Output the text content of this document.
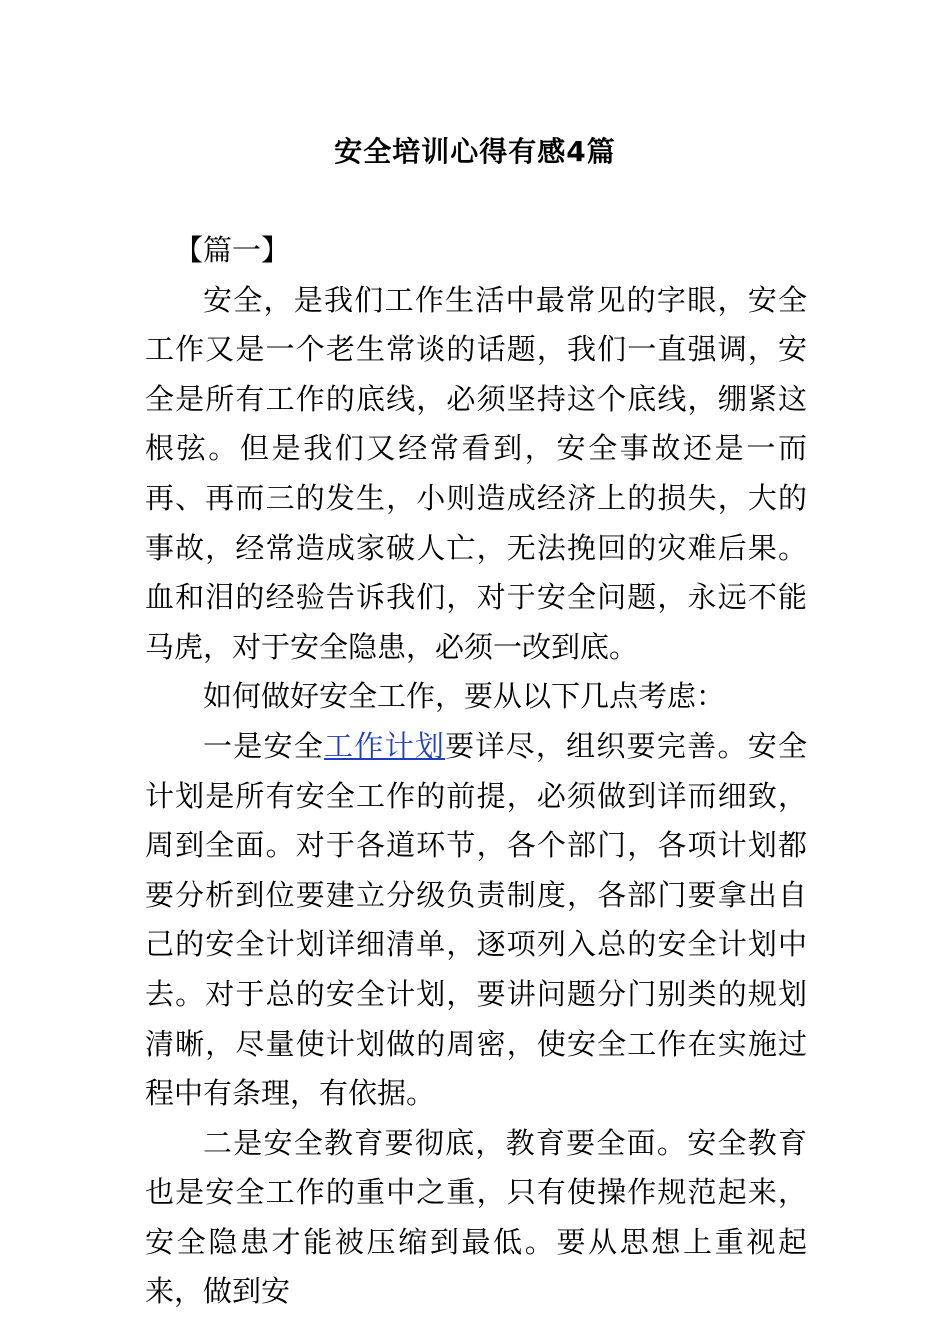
安全培训心得有感4篇

【篇一】

安全，是我们工作生活中最常见的字眼，安全工作又是一个老生常谈的话题，我们一直强调，安全是所有工作的底线，必须坚持这个底线，绷紧这根弦。但是我们又经常看到，安全事故还是一而再、再而三的发生，小则造成经济上的损失，大的事故，经常造成家破人亡，无法挽回的灾难后果。血和泪的经验告诉我们，对于安全问题，永远不能马虎，对于安全隐患，必须一改到底。

如何做好安全工作，要从以下几点考虑：

一是安全工作计划要详尽，组织要完善。安全计划是所有安全工作的前提，必须做到详而细致，周到全面。对于各道环节，各个部门，各项计划都要分析到位要建立分级负责制度，各部门要拿出自己的安全计划详细清单，逐项列入总的安全计划中去。对于总的安全计划，要讲问题分门别类的规划清晰，尽量使计划做的周密，使安全工作在实施过程中有条理，有依据。

二是安全教育要彻底，教育要全面。安全教育也是安全工作的重中之重，只有使操作规范起来，安全隐患才能被压缩到最低。要从思想上重视起来，做到安
